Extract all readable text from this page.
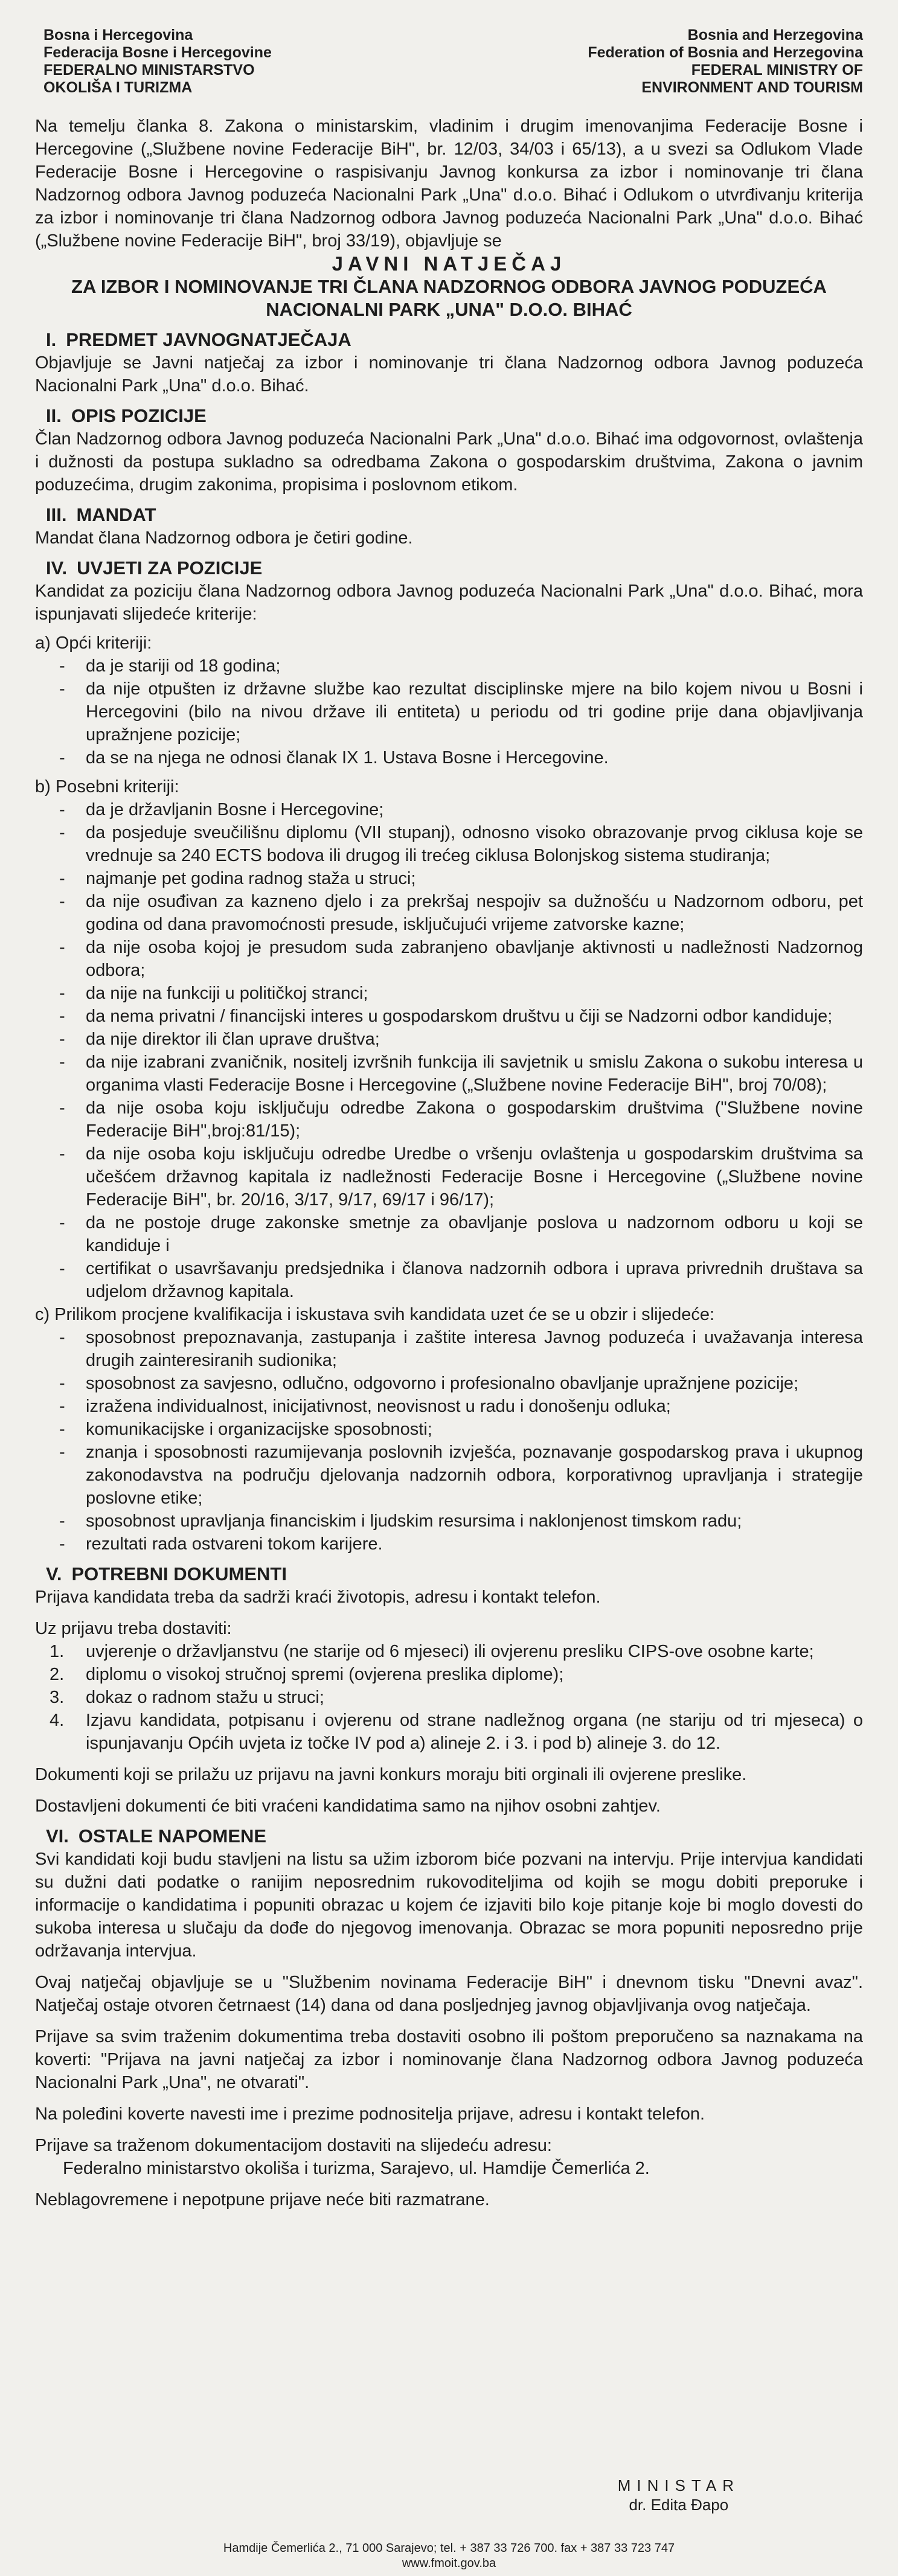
Bosna i Hercegovina
Federacija Bosne i Hercegovine
FEDERALNO MINISTARSTVO
OKOLIŠA I TURIZMA
Bosnia and Herzegovina
Federation of Bosnia and Herzegovina
FEDERAL MINISTRY OF
ENVIRONMENT AND TOURISM

Na temelju članka 8. Zakona o ministarskim, vladinim i drugim imenovanjima Federacije Bosne i Hercegovine („Službene novine Federacije BiH", br. 12/03, 34/03 i 65/13), a u svezi sa Odlukom Vlade Federacije Bosne i Hercegovine o raspisivanju Javnog konkursa za izbor i nominovanje tri člana Nadzornog odbora Javnog poduzeća Nacionalni Park „Una" d.o.o. Bihać i Odlukom o utvrđivanju kriterija za izbor i nominovanje tri člana Nadzornog odbora Javnog poduzeća Nacionalni Park „Una" d.o.o. Bihać („Službene novine Federacije BiH", broj 33/19), objavljuje se

JAVNI NATJEČAJ
ZA IZBOR I NOMINOVANJE TRI ČLANA NADZORNOG ODBORA JAVNOG PODUZEĆA
NACIONALNI PARK „UNA" D.O.O. BIHAĆ
I. PREDMET JAVNOGNATJEČAJA

Objavljuje se Javni natječaj za izbor i nominovanje tri člana Nadzornog odbora Javnog poduzeća Nacionalni Park „Una" d.o.o. Bihać.

II. OPIS POZICIJE

Član Nadzornog odbora Javnog poduzeća Nacionalni Park „Una" d.o.o. Bihać ima odgovornost, ovlaštenja i dužnosti da postupa sukladno sa odredbama Zakona o gospodarskim društvima, Zakona o javnim poduzećima, drugim zakonima, propisima i poslovnom etikom.

III. MANDAT

Mandat člana Nadzornog odbora je četiri godine.

IV. UVJETI ZA POZICIJE

Kandidat za poziciju člana Nadzornog odbora Javnog poduzeća Nacionalni Park „Una" d.o.o. Bihać, mora ispunjavati slijedeće kriterije:

a) Opći kriteriji:

- da je stariji od 18 godina;
- da nije otpušten iz državne službe kao rezultat disciplinske mjere na bilo kojem nivou u Bosni i Hercegovini (bilo na nivou države ili entiteta) u periodu od tri godine prije dana objavljivanja upražnjene pozicije;
- da se na njega ne odnosi članak IX 1. Ustava Bosne i Hercegovine.

b) Posebni kriteriji:

- da je državljanin Bosne i Hercegovine;
- da posjeduje sveučilišnu diplomu (VII stupanj), odnosno visoko obrazovanje prvog ciklusa koje se vrednuje sa 240 ECTS bodova ili drugog ili trećeg ciklusa Bolonjskog sistema studiranja;
- najmanje pet godina radnog staža u struci;
- da nije osuđivan za kazneno djelo i za prekršaj nespojiv sa dužnošću u Nadzornom odboru, pet godina od dana pravomoćnosti presude, isključujući vrijeme zatvorske kazne;
- da nije osoba kojoj je presudom suda zabranjeno obavljanje aktivnosti u nadležnosti Nadzornog odbora;
- da nije na funkciji u političkoj stranci;
- da nema privatni / financijski interes u gospodarskom društvu u čiji se Nadzorni odbor kandiduje;
- da nije direktor ili član uprave društva;
- da nije izabrani zvaničnik, nositelj izvršnih funkcija ili savjetnik u smislu Zakona o sukobu interesa u organima vlasti Federacije Bosne i Hercegovine („Službene novine Federacije BiH", broj 70/08);
- da nije osoba koju isključuju odredbe Zakona o gospodarskim društvima ("Službene novine Federacije BiH",broj:81/15);
- da nije osoba koju isključuju odredbe Uredbe o vršenju ovlaštenja u gospodarskim društvima sa učešćem državnog kapitala iz nadležnosti Federacije Bosne i Hercegovine („Službene novine Federacije BiH", br. 20/16, 3/17, 9/17, 69/17 i 96/17);
- da ne postoje druge zakonske smetnje za obavljanje poslova u nadzornom odboru u koji se kandiduje i
- certifikat o usavršavanju predsjednika i članova nadzornih odbora i uprava privrednih društava sa udjelom državnog kapitala.

c) Prilikom procjene kvalifikacija i iskustava svih kandidata uzet će se u obzir i slijedeće:

- sposobnost prepoznavanja, zastupanja i zaštite interesa Javnog poduzeća i uvažavanja interesa drugih zainteresiranih sudionika;
- sposobnost za savjesno, odlučno, odgovorno i profesionalno obavljanje upražnjene pozicije;
- izražena individualnost, inicijativnost, neovisnost u radu i donošenju odluka;
- komunikacijske i organizacijske sposobnosti;
- znanja i sposobnosti razumijevanja poslovnih izvješća, poznavanje gospodarskog prava i ukupnog zakonodavstva na području djelovanja nadzornih odbora, korporativnog upravljanja i strategije poslovne etike;
- sposobnost upravljanja financiskim i ljudskim resursima i naklonjenost timskom radu;
- rezultati rada ostvareni tokom karijere.
V. POTREBNI DOKUMENTI

Prijava kandidata treba da sadrži kraći životopis, adresu i kontakt telefon.

Uz prijavu treba dostaviti:

1. uvjerenje o državljanstvu (ne starije od 6 mjeseci) ili ovjerenu presliku CIPS-ove osobne karte;
2. diplomu o visokoj stručnoj spremi (ovjerena preslika diplome);
3. dokaz o radnom stažu u struci;
4. Izjavu kandidata, potpisanu i ovjerenu od strane nadležnog organa (ne stariju od tri mjeseca) o ispunjavanju Općih uvjeta iz točke IV pod a) alineje 2. i 3. i pod b) alineje 3. do 12.

Dokumenti koji se prilažu uz prijavu na javni konkurs moraju biti orginali ili ovjerene preslike.

Dostavljeni dokumenti će biti vraćeni kandidatima samo na njihov osobni zahtjev.

VI. OSTALE NAPOMENE

Svi kandidati koji budu stavljeni na listu sa užim izborom biće pozvani na intervju. Prije intervjua kandidati su dužni dati podatke o ranijim neposrednim rukovoditeljima od kojih se mogu dobiti preporuke i informacije o kandidatima i popuniti obrazac u kojem će izjaviti bilo koje pitanje koje bi moglo dovesti do sukoba interesa u slučaju da dođe do njegovog imenovanja. Obrazac se mora popuniti neposredno prije održavanja intervjua.

Ovaj natječaj objavljuje se u "Službenim novinama Federacije BiH" i dnevnom tisku "Dnevni avaz". Natječaj ostaje otvoren četrnaest (14) dana od dana posljednjeg javnog objavljivanja ovog natječaja.

Prijave sa svim traženim dokumentima treba dostaviti osobno ili poštom preporučeno sa naznakama na koverti: "Prijava na javni natječaj za izbor i nominovanje člana Nadzornog odbora Javnog poduzeća Nacionalni Park „Una", ne otvarati".

Na poleđini koverte navesti ime i prezime podnositelja prijave, adresu i kontakt telefon.

Prijave sa traženom dokumentacijom dostaviti na slijedeću adresu:

Federalno ministarstvo okoliša i turizma, Sarajevo, ul. Hamdije Čemerlića 2.

Neblagovremene i nepotpune prijave neće biti razmatrane.

MINISTAR
dr. Edita Đapo
Hamdije Čemerlića 2., 71 000 Sarajevo; tel. + 387 33 726 700. fax + 387 33 723 747
www.fmoit.gov.ba
